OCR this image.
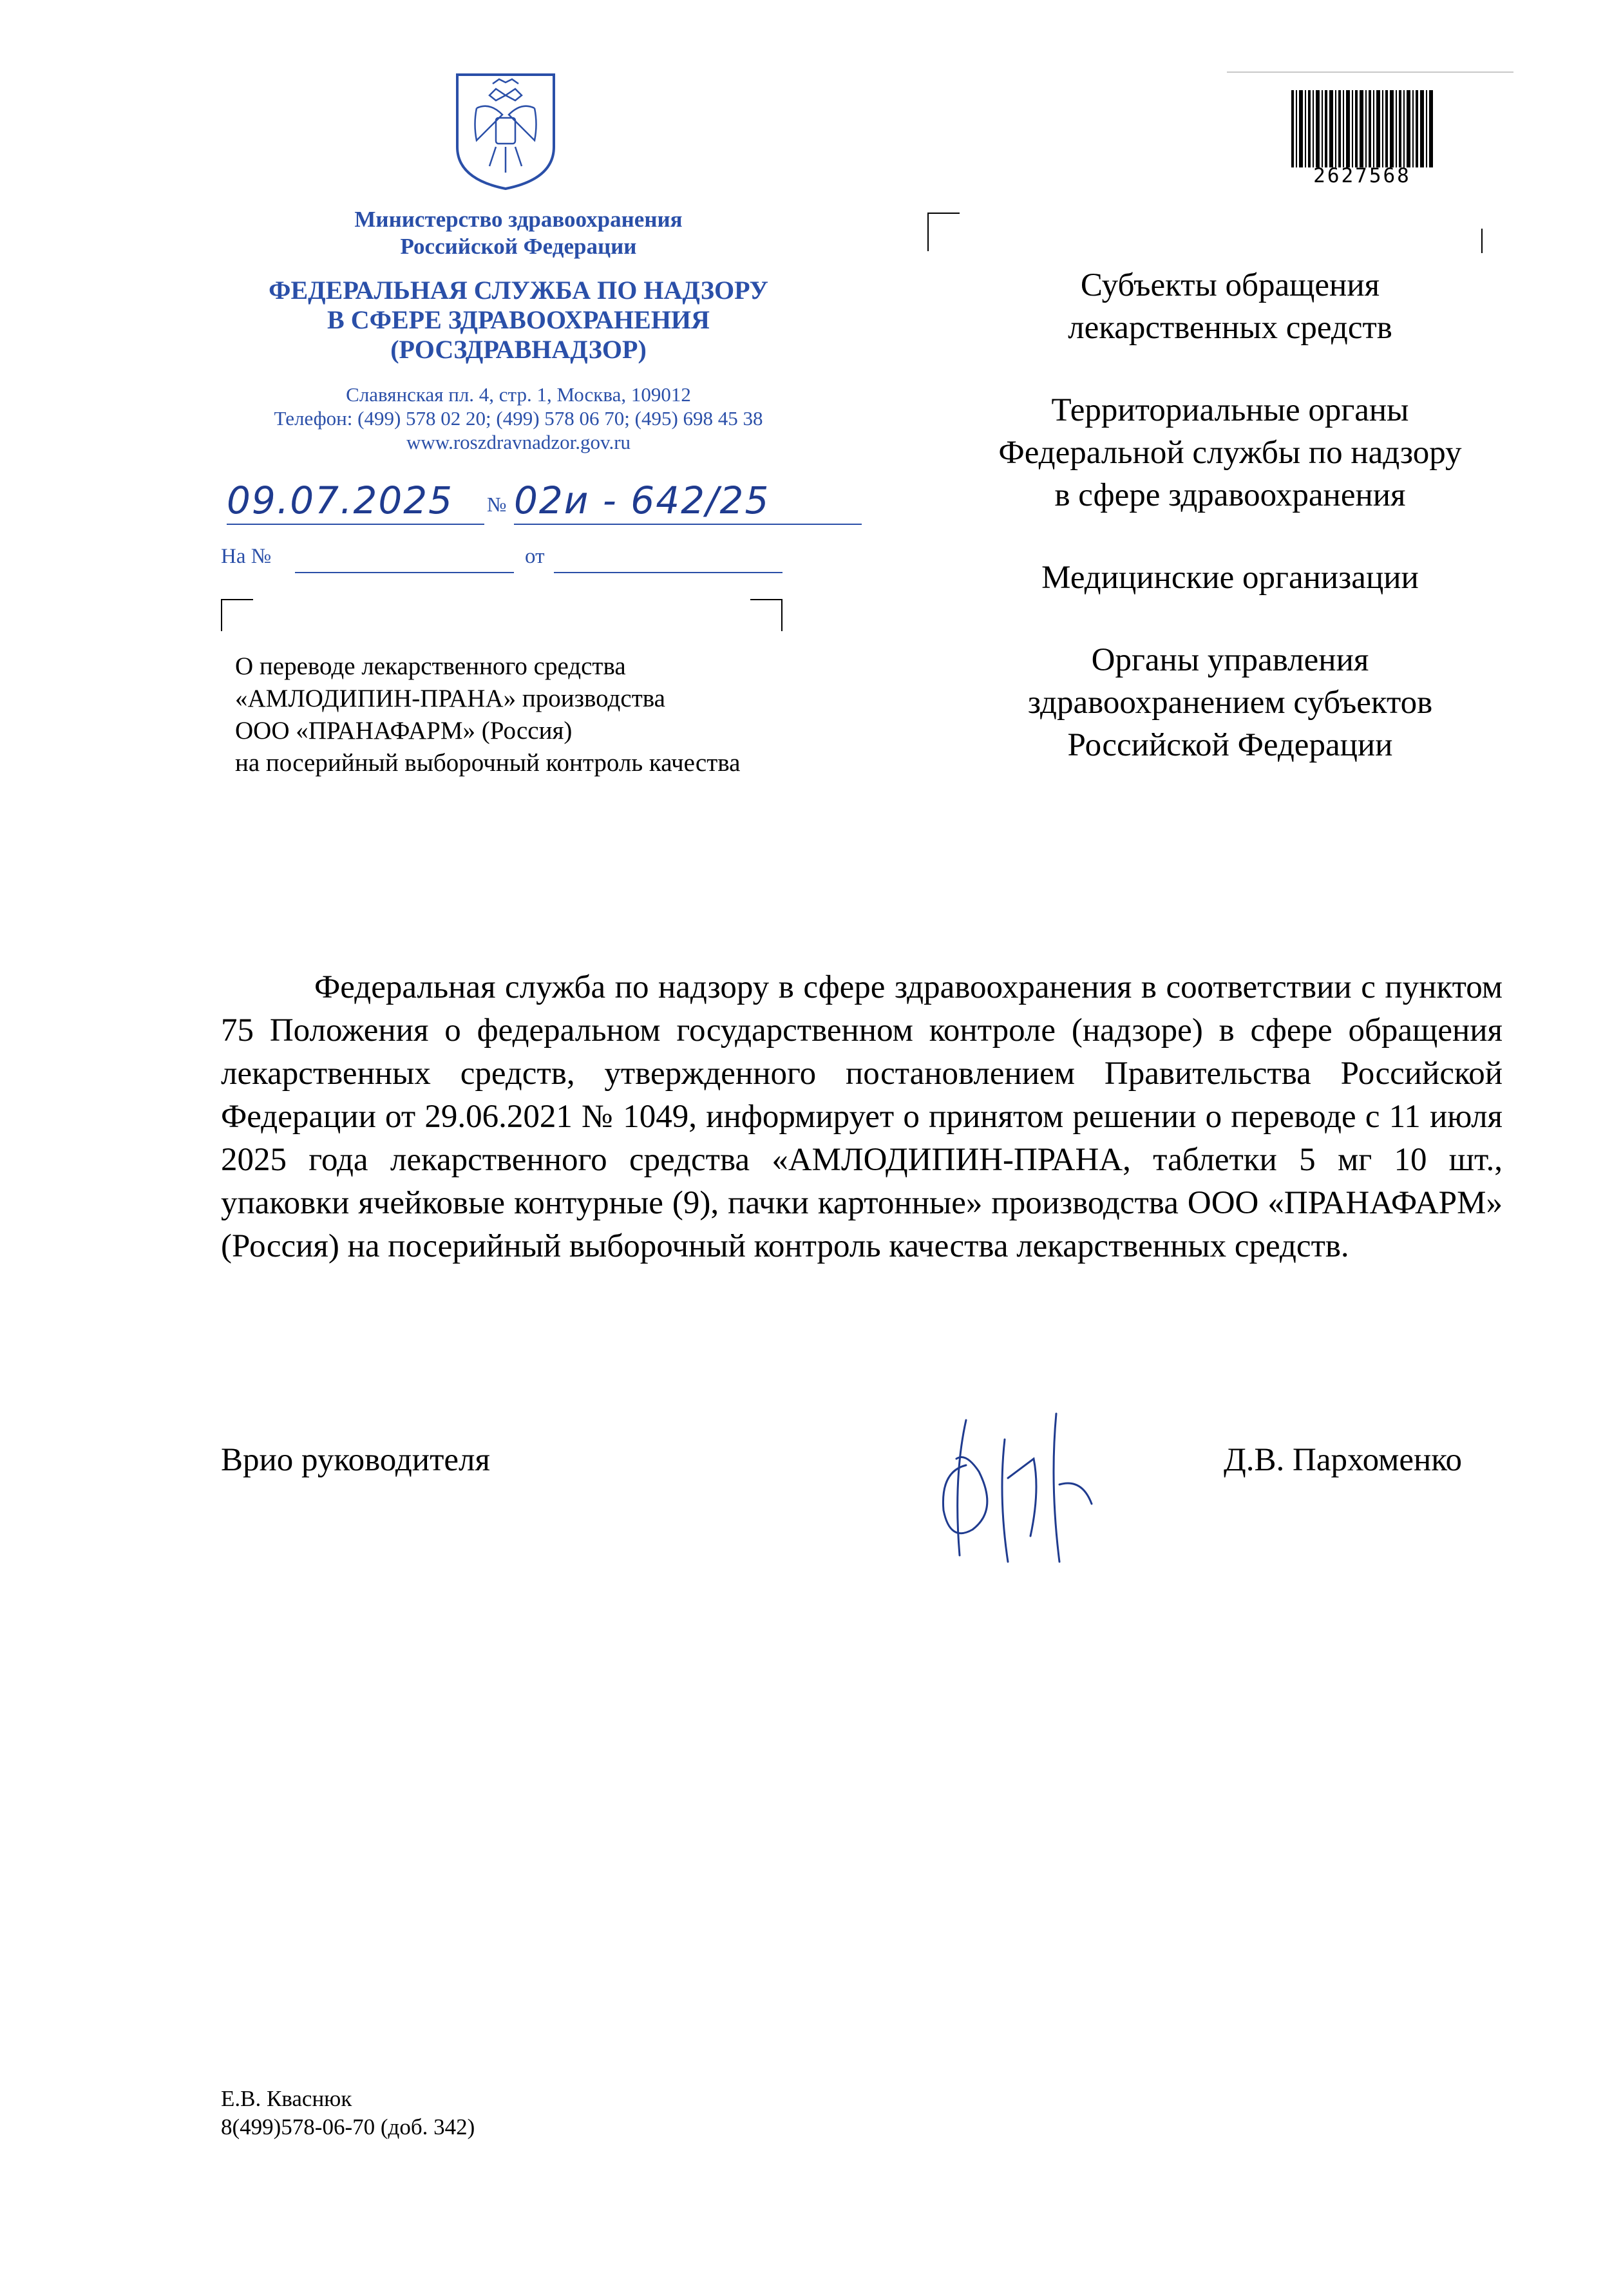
Министерство здравоохранения
Российской Федерации
ФЕДЕРАЛЬНАЯ СЛУЖБА ПО НАДЗОРУ
В СФЕРЕ ЗДРАВООХРАНЕНИЯ
(РОСЗДРАВНАДЗОР)
Славянская пл. 4, стр. 1, Москва, 109012
Телефон: (499) 578 02 20; (499) 578 06 70; (495) 698 45 38
www.roszdravnadzor.gov.ru
09.07.2025	№ 02и - 642/25
На №	от
О переводе лекарственного средства
«АМЛОДИПИН-ПРАНА» производства
ООО «ПРАНАФАРМ» (Россия)
на посерийный выборочный контроль качества
2627568
Субъекты обращения
лекарственных средств
Территориальные органы
Федеральной службы по надзору
в сфере здравоохранения
Медицинские организации
Органы управления
здравоохранением субъектов
Российской Федерации
Федеральная служба по надзору в сфере здравоохранения в соответствии с пунктом 75 Положения о федеральном государственном контроле (надзоре) в сфере обращения лекарственных средств, утвержденного постановлением Правительства Российской Федерации от 29.06.2021 № 1049, информирует о принятом решении о переводе с 11 июля 2025 года лекарственного средства «АМЛОДИПИН-ПРАНА, таблетки 5 мг 10 шт., упаковки ячейковые контурные (9), пачки картонные» производства ООО «ПРАНАФАРМ» (Россия) на посерийный выборочный контроль качества лекарственных средств.
Врио руководителя	Д.В. Пархоменко
Е.В. Кваснюк
8(499)578-06-70 (доб. 342)
